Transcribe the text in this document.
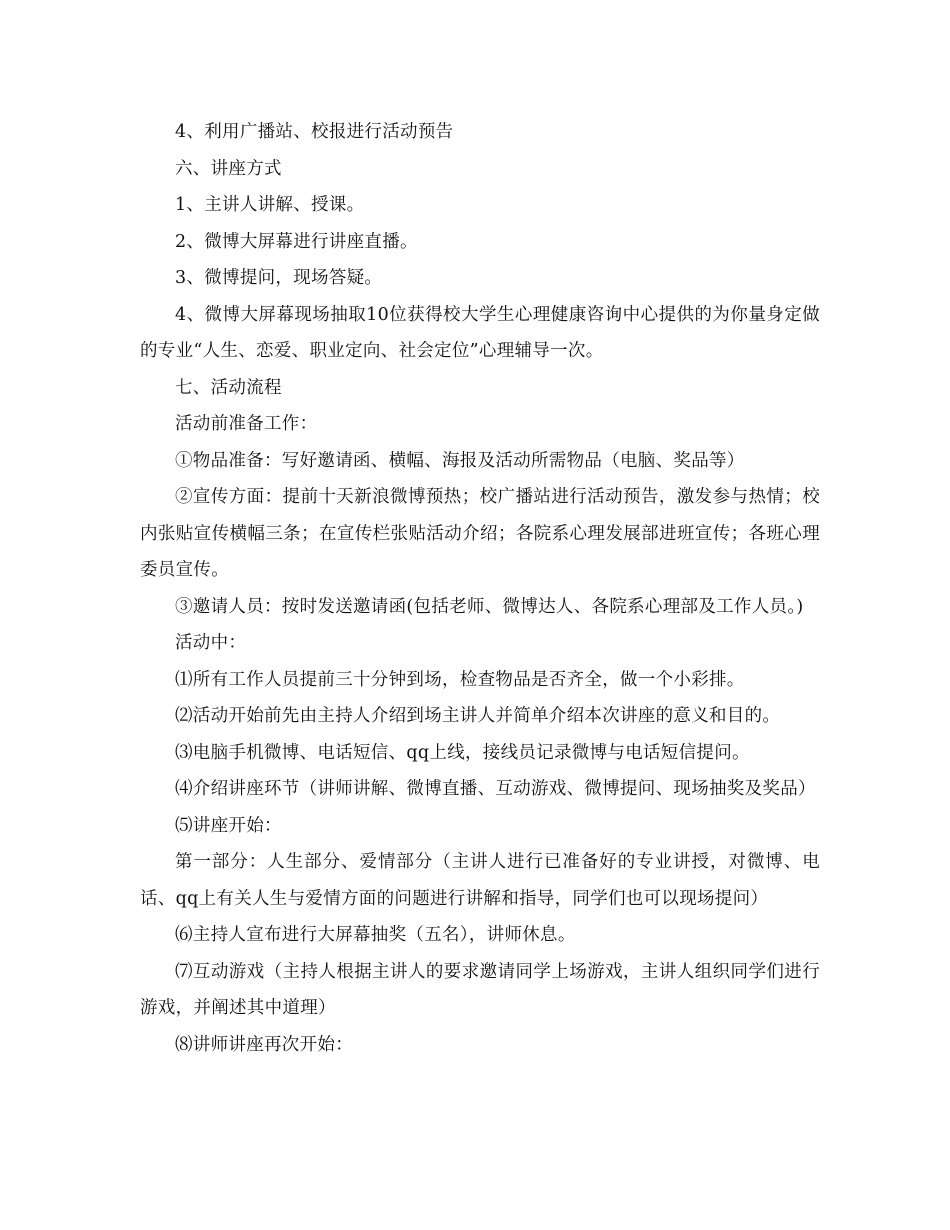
4、利用广播站、校报进行活动预告

六、讲座方式

1、主讲人讲解、授课。

2、微博大屏幕进行讲座直播。

3、微博提问，现场答疑。

4、微博大屏幕现场抽取10位获得校大学生心理健康咨询中心提供的为你量身定做的专业“人生、恋爱、职业定向、社会定位”心理辅导一次。

七、活动流程

活动前准备工作：

①物品准备：写好邀请函、横幅、海报及活动所需物品（电脑、奖品等）

②宣传方面：提前十天新浪微博预热；校广播站进行活动预告，激发参与热情；校内张贴宣传横幅三条；在宣传栏张贴活动介绍；各院系心理发展部进班宣传；各班心理委员宣传。

③邀请人员：按时发送邀请函(包括老师、微博达人、各院系心理部及工作人员。)

活动中：

⑴所有工作人员提前三十分钟到场，检查物品是否齐全，做一个小彩排。

⑵活动开始前先由主持人介绍到场主讲人并简单介绍本次讲座的意义和目的。

⑶电脑手机微博、电话短信、qq上线，接线员记录微博与电话短信提问。

⑷介绍讲座环节（讲师讲解、微博直播、互动游戏、微博提问、现场抽奖及奖品）

⑸讲座开始：

第一部分：人生部分、爱情部分（主讲人进行已准备好的专业讲授，对微博、电话、qq上有关人生与爱情方面的问题进行讲解和指导，同学们也可以现场提问）

⑹主持人宣布进行大屏幕抽奖（五名），讲师休息。

⑺互动游戏（主持人根据主讲人的要求邀请同学上场游戏，主讲人组织同学们进行游戏，并阐述其中道理）

⑻讲师讲座再次开始：
